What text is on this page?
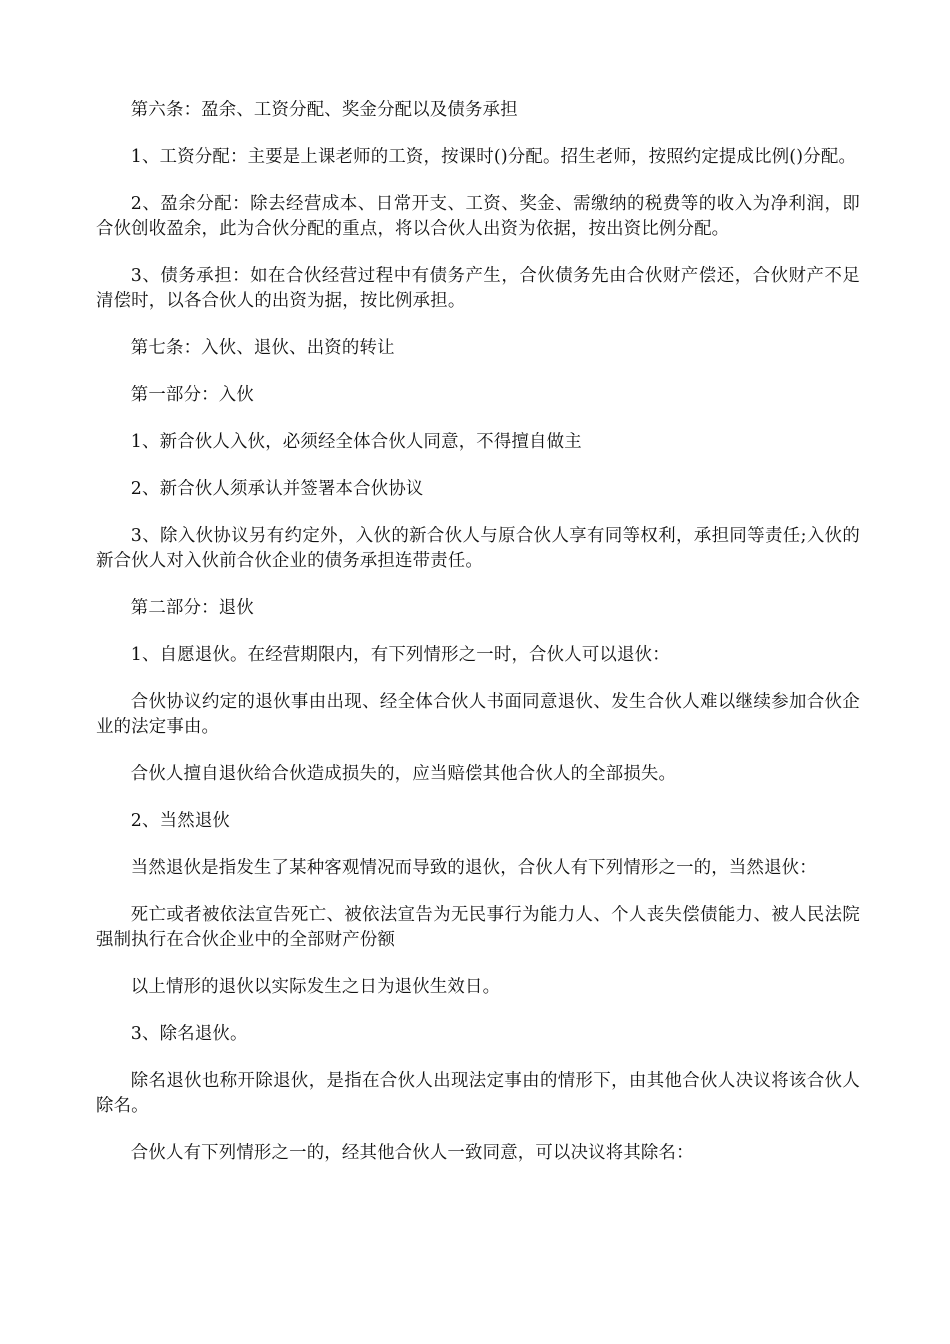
第六条：盈余、工资分配、奖金分配以及债务承担

1、工资分配：主要是上课老师的工资，按课时()分配。招生老师，按照约定提成比例()分配。

2、盈余分配：除去经营成本、日常开支、工资、奖金、需缴纳的税费等的收入为净利润，即合伙创收盈余，此为合伙分配的重点，将以合伙人出资为依据，按出资比例分配。

3、债务承担：如在合伙经营过程中有债务产生，合伙债务先由合伙财产偿还，合伙财产不足清偿时，以各合伙人的出资为据，按比例承担。

第七条：入伙、退伙、出资的转让

第一部分：入伙

1、新合伙人入伙，必须经全体合伙人同意，不得擅自做主

2、新合伙人须承认并签署本合伙协议

3、除入伙协议另有约定外，入伙的新合伙人与原合伙人享有同等权利，承担同等责任;入伙的新合伙人对入伙前合伙企业的债务承担连带责任。

第二部分：退伙

1、自愿退伙。在经营期限内，有下列情形之一时，合伙人可以退伙：

合伙协议约定的退伙事由出现、经全体合伙人书面同意退伙、发生合伙人难以继续参加合伙企业的法定事由。

合伙人擅自退伙给合伙造成损失的，应当赔偿其他合伙人的全部损失。

2、当然退伙

当然退伙是指发生了某种客观情况而导致的退伙，合伙人有下列情形之一的，当然退伙：

死亡或者被依法宣告死亡、被依法宣告为无民事行为能力人、个人丧失偿债能力、被人民法院强制执行在合伙企业中的全部财产份额

以上情形的退伙以实际发生之日为退伙生效日。

3、除名退伙。

除名退伙也称开除退伙，是指在合伙人出现法定事由的情形下，由其他合伙人决议将该合伙人除名。

合伙人有下列情形之一的，经其他合伙人一致同意，可以决议将其除名：
